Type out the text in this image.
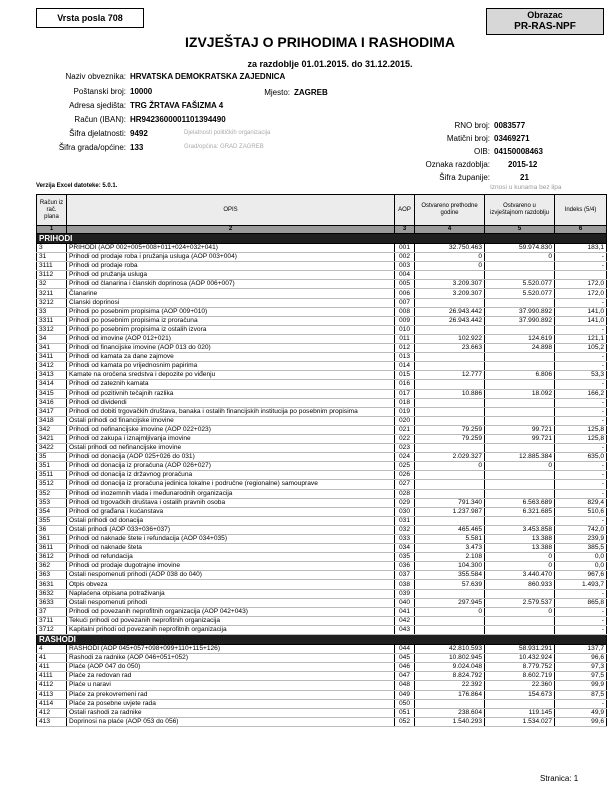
Vrsta posla 708	Obrazac
PR-RAS-NPF
IZVJEŠTAJ O PRIHODIMA I RASHODIMA
za razdoblje 01.01.2015. do 31.12.2015.
Naziv obveznika: HRVATSKA DEMOKRATSKA ZAJEDNICA
Poštanski broj: 10000	Mjesto: ZAGREB
Adresa sjedišta: TRG ŽRTAVA FAŠIZMA 4
Račun (IBAN): HR9423600001101394490
Šifra djelatnosti: 9492	Djelatnosti političkih organizacija
Šifra grada/općine: 133	Grad/općina: GRAD ZAGREB
RNO broj: 0083577
Matični broj: 03469271
OIB: 04150008463
Oznaka razdoblja: 2015-12
Šifra županije:	21
Verzija Excel datoteke: 5.0.1.	Iznosi u kunama bez lipa
Račun iz rač. plana	OPIS	AOP	Ostvareno prethodne godine	Ostvareno u izvještajnom razdoblju	Indeks (5/4)
1	2	3	4	5	6
PRIHODI					
3	PRIHODI (AOP 002+005+008+011+024+032+041)	001	32.750.463	59.974.830	183,1
31	Prihodi od prodaje roba i pružanja usluga (AOP 003+004)	002	0	0	-
3111	Prihodi od prodaje roba	003	0		-
3112	Prihodi od pružanja usluga	004			
32	Prihodi od članarina i članskih doprinosa (AOP 006+007)	005	3.209.307	5.520.077	172,0
3211	Članarine	006	3.209.307	5.520.077	172,0
3212	Članski doprinosi	007			-
33	Prihodi po posebnim propisima (AOP 009+010)	008	26.943.442	37.990.892	141,0
3311	Prihodi po posebnim propisima iz proračuna	009	26.943.442	37.990.892	141,0
3312	Prihodi po posebnim propisima iz ostalih izvora	010			-
34	Prihodi od imovine (AOP 012+021)	011	102.922	124.619	121,1
341	Prihodi od financijske imovine (AOP 013 do 020)	012	23.663	24.898	105,2
3411	Prihodi od kamata za dane zajmove	013			-
3412	Prihodi od kamata po vrijednosnim papirima	014			-
3413	Kamate na oročena sredstva i depozite po viđenju	015	12.777	6.806	53,3
3414	Prihodi od zateznih kamata	016			-
3415	Prihodi od pozitivnih tečajnih razlika	017	10.886	18.092	166,2
3416	Prihodi od dividendi	018			-
3417	Prihodi od dobiti trgovačkih društava, banaka i ostalih financijskih institucija po posebnim propisima	019			-
3418	Ostali prihodi od financijske imovine	020			-
342	Prihodi od nefinancijske imovine (AOP 022+023)	021	79.259	99.721	125,8
3421	Prihodi od zakupa i iznajmljivanja imovine	022	79.259	99.721	125,8
3422	Ostali prihodi od nefinancijske imovine	023			-
35	Prihodi od donacija (AOP 025+026 do 031)	024	2.029.327	12.885.384	635,0
351	Prihodi od donacija iz proračuna (AOP 026+027)	025	0	0	-
3511	Prihodi od donacija iz državnog proračuna	026			-
3512	Prihodi od donacija iz proračuna jedinica lokalne i područne (regionalne) samouprave	027			-
352	Prihodi od inozemnih vlada i međunarodnih organizacija	028			-
353	Prihodi od trgovačkih društava i ostalih pravnih osoba	029	791.340	6.563.689	829,4
354	Prihodi od građana i kućanstava	030	1.237.987	6.321.685	510,6
355	Ostali prihodi od donacija	031			-
36	Ostali prihodi (AOP 033+036+037)	032	465.465	3.453.858	742,0
361	Prihodi od naknade štete i refundacija (AOP 034+035)	033	5.581	13.388	239,9
3611	Prihodi od naknade šteta	034	3.473	13.388	385,5
3612	Prihodi od refundacija	035	2.108	0	0,0
362	Prihodi od prodaje dugotrajne imovine	036	104.300	0	0,0
363	Ostali nespomenuti prihodi (AOP 038 do 040)	037	355.584	3.440.470	967,6
3631	Otpis obveza	038	57.639	860.933	1.493,7
3632	Naplaćena otpisana potraživanja	039			-
3633	Ostali nespomenuti prihodi	040	297.945	2.579.537	865,8
37	Prihodi od povezanih neprofitnih organizacija (AOP 042+043)	041	0	0	-
3711	Tekući prihodi od povezanih neprofitnih organizacija	042			-
3712	Kapitalni prihodi od povezanih neprofitnih organizacija	043			-
RASHODI					
4	RASHODI (AOP 045+057+098+099+110+115+126)	044	42.810.593	58.931.291	137,7
41	Rashodi za radnike (AOP 046+051+052)	045	10.802.945	10.432.924	96,6
411	Plaće (AOP 047 do 050)	046	9.024.048	8.779.752	97,3
4111	Plaće za redovan rad	047	8.824.792	8.602.719	97,5
4112	Plaće u naravi	048	22.392	22.360	99,9
4113	Plaće za prekovremeni rad	049	176.864	154.673	87,5
4114	Plaće za posebne uvjete rada	050			-
412	Ostali rashodi za radnike	051	238.604	119.145	49,9
413	Doprinosi na plaće (AOP 053 do 056)	052	1.540.293	1.534.027	99,6
Stranica: 1
